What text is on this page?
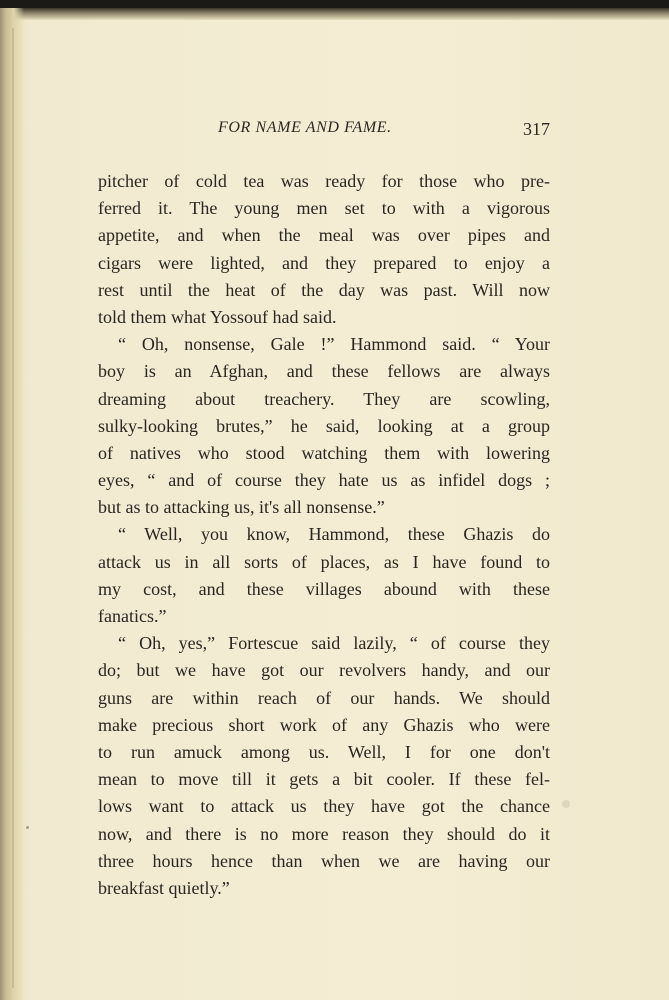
FOR NAME AND FAME.	317
pitcher of cold tea was ready for those who pre-
ferred it. The young men set to with a vigorous
appetite, and when the meal was over pipes and
cigars were lighted, and they prepared to enjoy a
rest until the heat of the day was past. Will now
told them what Yossouf had said.
“ Oh, nonsense, Gale !” Hammond said. “ Your
boy is an Afghan, and these fellows are always
dreaming about treachery. They are scowling,
sulky-looking brutes,” he said, looking at a group
of natives who stood watching them with lowering
eyes, “ and of course they hate us as infidel dogs ;
but as to attacking us, it's all nonsense.”
“ Well, you know, Hammond, these Ghazis do
attack us in all sorts of places, as I have found to
my cost, and these villages abound with these
fanatics.”
“ Oh, yes,” Fortescue said lazily, “ of course they
do; but we have got our revolvers handy, and our
guns are within reach of our hands. We should
make precious short work of any Ghazis who were
to run amuck among us. Well, I for one don't
mean to move till it gets a bit cooler. If these fel-
lows want to attack us they have got the chance
now, and there is no more reason they should do it
three hours hence than when we are having our
breakfast quietly.”
